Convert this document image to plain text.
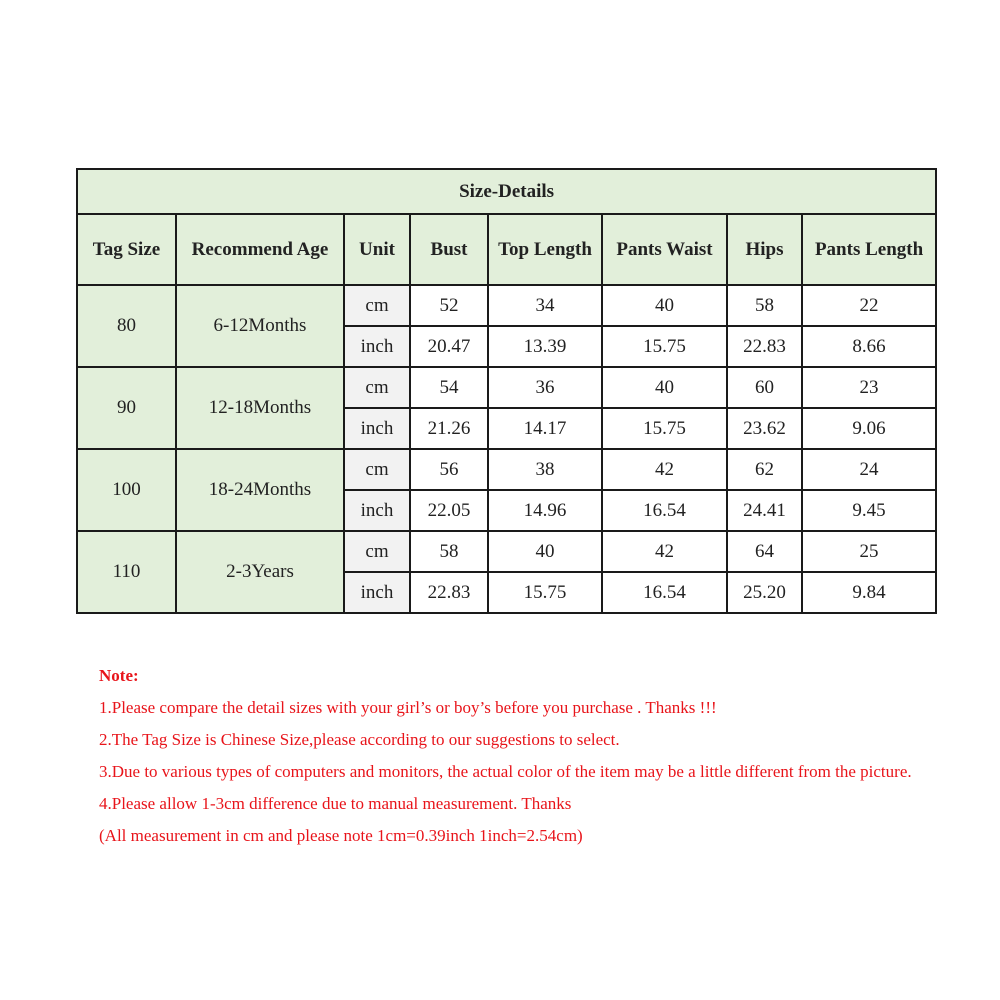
Size-Details							
Tag Size	Recommend Age	Unit	Bust	Top Length	Pants Waist	Hips	Pants Length
80	6-12Months	cm	52	34	40	58	22
		inch	20.47	13.39	15.75	22.83	8.66
90	12-18Months	cm	54	36	40	60	23
		inch	21.26	14.17	15.75	23.62	9.06
100	18-24Months	cm	56	38	42	62	24
		inch	22.05	14.96	16.54	24.41	9.45
110	2-3Years	cm	58	40	42	64	25
		inch	22.83	15.75	16.54	25.20	9.84
Note:
1.Please compare the detail sizes with your girl’s or boy’s before you purchase . Thanks !!!
2.The Tag Size is Chinese Size,please according to our suggestions to select.
3.Due to various types of computers and monitors, the actual color of the item may be a little different from the picture.
4.Please allow 1-3cm difference due to manual measurement. Thanks
(All measurement in cm and please note 1cm=0.39inch 1inch=2.54cm)
